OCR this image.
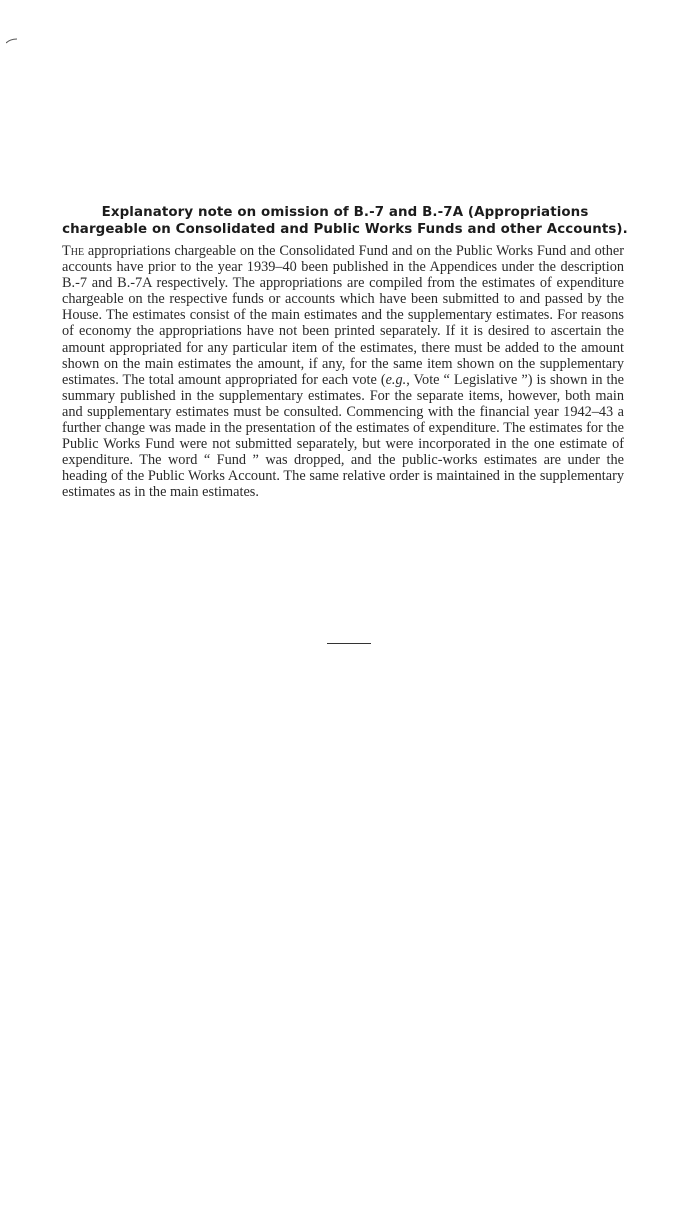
Explanatory note on omission of B.-7 and B.-7A (Appropriations chargeable on Consolidated and Public Works Funds and other Accounts).

The appropriations chargeable on the Consolidated Fund and on the Public Works Fund and other accounts have prior to the year 1939–40 been published in the Appendices under the description B.-7 and B.-7A respectively. The appropriations are compiled from the estimates of expenditure chargeable on the respective funds or accounts which have been submitted to and passed by the House. The estimates consist of the main estimates and the supplementary estimates. For reasons of economy the appropriations have not been printed separately. If it is desired to ascertain the amount appropriated for any particular item of the estimates, there must be added to the amount shown on the main estimates the amount, if any, for the same item shown on the supplementary estimates. The total amount appropriated for each vote (e.g., Vote “ Legislative ”) is shown in the summary published in the supplementary estimates. For the separate items, however, both main and supplementary estimates must be consulted. Commencing with the financial year 1942–43 a further change was made in the presentation of the estimates of expenditure. The estimates for the Public Works Fund were not submitted separately, but were incorporated in the one estimate of expenditure. The word “ Fund ” was dropped, and the public-works estimates are under the heading of the Public Works Account. The same relative order is maintained in the supplementary estimates as in the main estimates.
